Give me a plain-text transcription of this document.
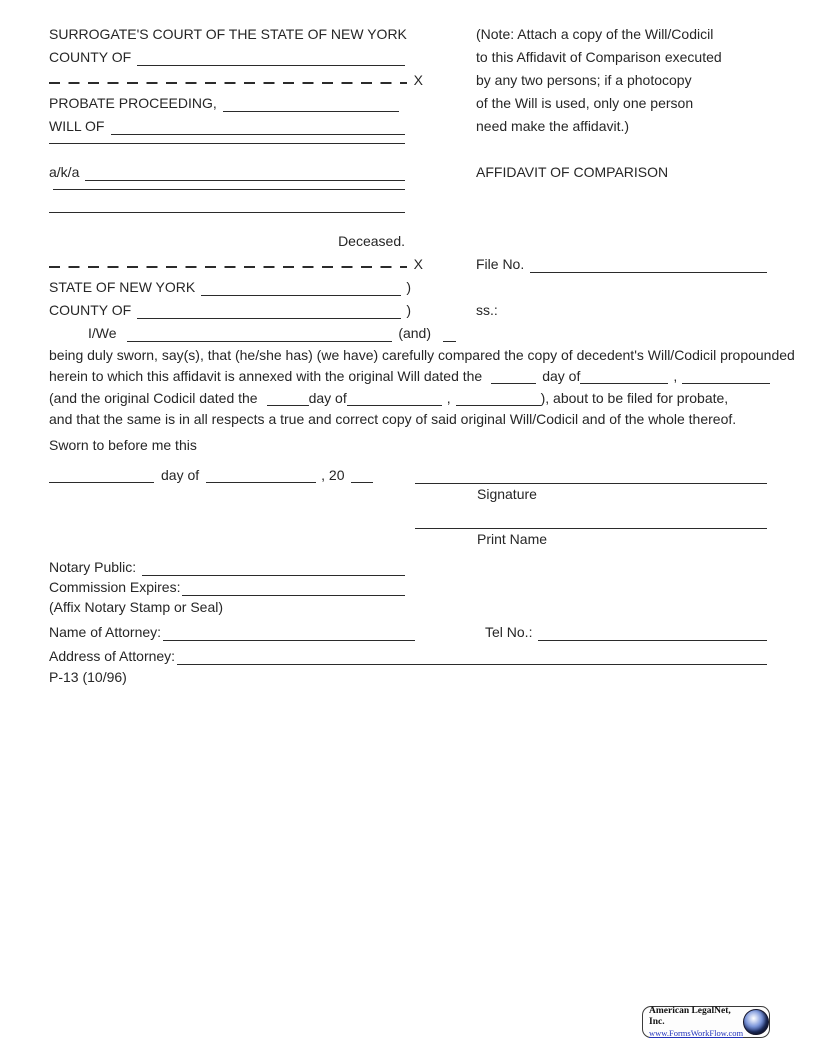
SURROGATE'S COURT OF THE STATE OF NEW YORK	(Note: Attach a copy of the Will/Codicil
COUNTY OF	to this Affidavit of Comparison executed
X	by any two persons; if a photocopy
PROBATE PROCEEDING,	of the Will is used, only one person
WILL OF	need make the affidavit.)
a/k/a	AFFIDAVIT OF COMPARISON
Deceased.
X	File No.
STATE OF NEW YORK	)
COUNTY OF	)	ss.:
I/We	(and)
being duly sworn, say(s), that (he/she has) (we have) carefully compared the copy of decedent's Will/Codicil propounded
herein to which this affidavit is annexed with the original Will dated the	day of	,
(and the original Codicil dated the	day of	,	), about to be filed for probate,
and that the same is in all respects a true and correct copy of said original Will/Codicil and of the whole thereof.
Sworn to before me this
day of	, 20
Signature
Print Name
Notary Public:
Commission Expires:
(Affix Notary Stamp or Seal)
Name of Attorney:	Tel No.:
Address of Attorney:
P-13 (10/96)
American LegalNet, Inc.
www.FormsWorkFlow.com
